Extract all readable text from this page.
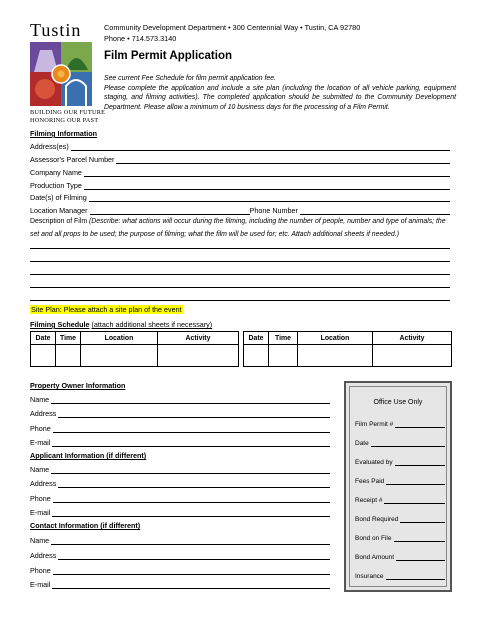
Tustin
BUILDING OUR FUTURE
HONORING OUR PAST
Community Development Department • 300 Centennial Way • Tustin, CA 92780
Phone • 714.573.3140
Film Permit Application
See current Fee Schedule for film permit application fee.
Please complete the application and include a site plan (including the location of all vehicle parking, equipment staging, and filming activities). The completed application should be submitted to the Community Development Department. Please allow a minimum of 10 business days for the processing of a Film Permit.
Filming Information
Address(es)
Assessor's Parcel Number
Company Name
Production Type
Date(s) of Filming
Location Manager	Phone Number
Description of Film (Describe: what actions will occur during the filming, including the number of people, number and type of animals; the set and all props to be used; the purpose of filming; what the film will be used for; etc. Attach additional sheets if needed.)
Site Plan: Please attach a site plan of the event
Filming Schedule (attach additional sheets if necessary)
Date	Time	Location	Activity		Date	Time	Location	Activity

Property Owner Information
Name
Address
Phone
E-mail
Applicant Information (if different)
Name
Address
Phone
E-mail
Contact Information (if different)
Name
Address
Phone
E-mail
Office Use Only
Film Permit #
Date
Evaluated by
Fees Paid
Receipt #
Bond Required
Bond on File
Bond Amount
Insurance
